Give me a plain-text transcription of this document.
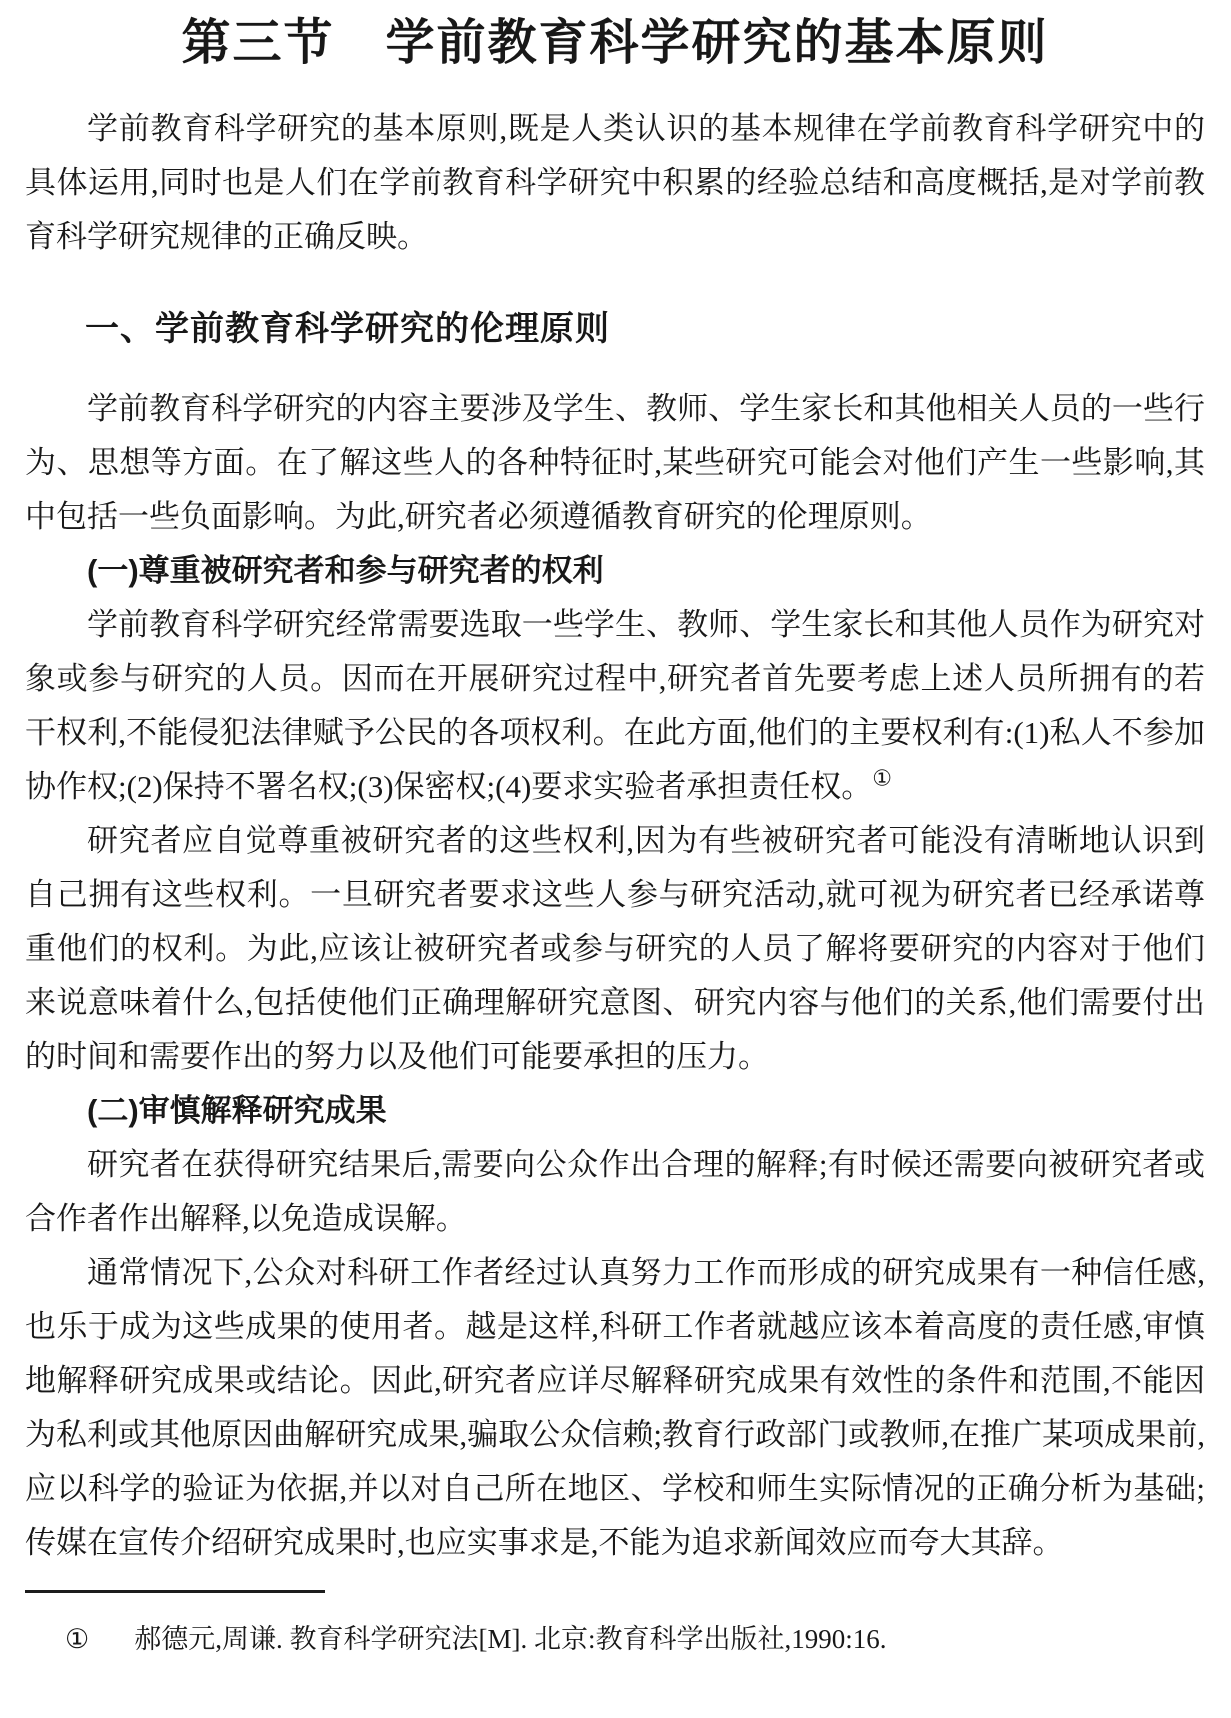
第三节　学前教育科学研究的基本原则

学前教育科学研究的基本原则,既是人类认识的基本规律在学前教育科学研究中的具体运用,同时也是人们在学前教育科学研究中积累的经验总结和高度概括,是对学前教育科学研究规律的正确反映。

一、学前教育科学研究的伦理原则

学前教育科学研究的内容主要涉及学生、教师、学生家长和其他相关人员的一些行为、思想等方面。在了解这些人的各种特征时,某些研究可能会对他们产生一些影响,其中包括一些负面影响。为此,研究者必须遵循教育研究的伦理原则。

(一)尊重被研究者和参与研究者的权利

学前教育科学研究经常需要选取一些学生、教师、学生家长和其他人员作为研究对象或参与研究的人员。因而在开展研究过程中,研究者首先要考虑上述人员所拥有的若干权利,不能侵犯法律赋予公民的各项权利。在此方面,他们的主要权利有:(1)私人不参加协作权;(2)保持不署名权;(3)保密权;(4)要求实验者承担责任权。①

研究者应自觉尊重被研究者的这些权利,因为有些被研究者可能没有清晰地认识到自己拥有这些权利。一旦研究者要求这些人参与研究活动,就可视为研究者已经承诺尊重他们的权利。为此,应该让被研究者或参与研究的人员了解将要研究的内容对于他们来说意味着什么,包括使他们正确理解研究意图、研究内容与他们的关系,他们需要付出的时间和需要作出的努力以及他们可能要承担的压力。

(二)审慎解释研究成果

研究者在获得研究结果后,需要向公众作出合理的解释;有时候还需要向被研究者或合作者作出解释,以免造成误解。

通常情况下,公众对科研工作者经过认真努力工作而形成的研究成果有一种信任感,也乐于成为这些成果的使用者。越是这样,科研工作者就越应该本着高度的责任感,审慎地解释研究成果或结论。因此,研究者应详尽解释研究成果有效性的条件和范围,不能因为私利或其他原因曲解研究成果,骗取公众信赖;教育行政部门或教师,在推广某项成果前,应以科学的验证为依据,并以对自己所在地区、学校和师生实际情况的正确分析为基础;传媒在宣传介绍研究成果时,也应实事求是,不能为追求新闻效应而夸大其辞。

① 郝德元,周谦. 教育科学研究法[M]. 北京:教育科学出版社,1990:16.
